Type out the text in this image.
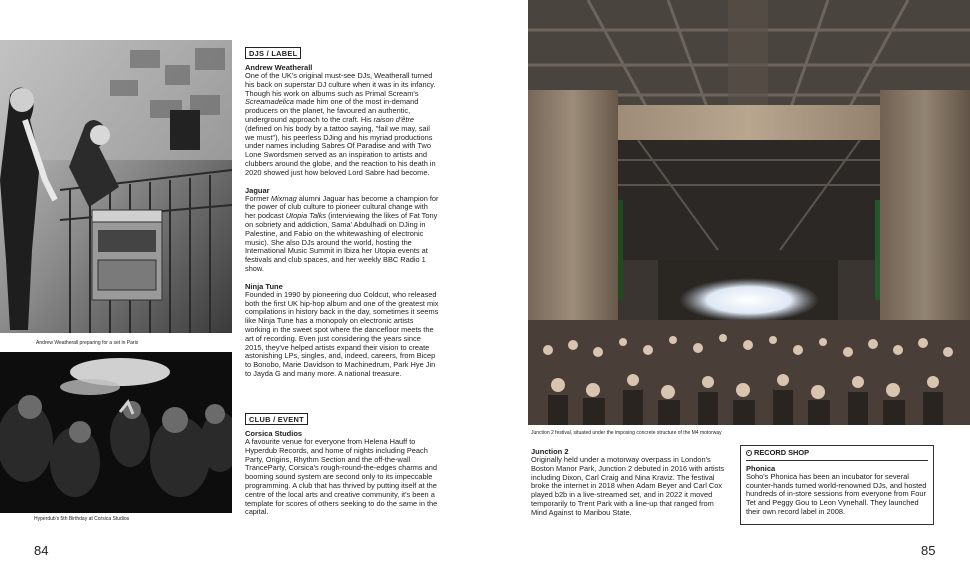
Andrew Weatherall preparing for a set in Paris
Hyperdub's 5th Birthday at Corsica Studios
DJS / LABEL
Andrew Weatherall
One of the UK's original must-see DJs, Weatherall turned his back on superstar DJ culture when it was in its infancy. Though his work on albums such as Primal Scream's Screamadelica made him one of the most in-demand producers on the planet, he favoured an authentic, underground approach to the craft. His raison d'être (defined on his body by a tattoo saying, "fail we may, sail we must"), his peerless DJing and his myriad productions under names including Sabres Of Paradise and with Two Lone Swordsmen served as an inspiration to artists and clubbers around the globe, and the reaction to his death in 2020 showed just how beloved Lord Sabre had become.
Jaguar
Former Mixmag alumni Jaguar has become a champion for the power of club culture to pioneer cultural change with her podcast Utopia Talks (interviewing the likes of Fat Tony on sobriety and addiction, Sama' Abdulhadi on DJing in Palestine, and Fabio on the whitewashing of electronic music). She also DJs around the world, hosting the International Music Summit in Ibiza her Utopia events at festivals and club spaces, and her weekly BBC Radio 1 show.
Ninja Tune
Founded in 1990 by pioneering duo Coldcut, who released both the first UK hip-hop album and one of the greatest mix compilations in history back in the day, sometimes it seems like Ninja Tune has a monopoly on electronic artists working in the sweet spot where the dancefloor meets the art of recording. Even just considering the years since 2015, they've helped artists expand their vision to create astonishing LPs, singles, and, indeed, careers, from Bicep to Bonobo, Marie Davidson to Machinedrum, Park Hye Jin to Jayda G and many more. A national treasure.
CLUB / EVENT
Corsica Studios
A favourite venue for everyone from Helena Hauff to Hyperdub Records, and home of nights including Peach Party, Origins, Rhythm Section and the off-the-wall TranceParty, Corsica's rough-round-the-edges charms and booming sound system are second only to its impeccable programming. A club that has thrived by putting itself at the centre of the local arts and creative community, it's been a template for scores of others seeking to do the same in the capital.
84
Junction 2 festival, situated under the imposing concrete structure of the M4 motorway
Junction 2
Originally held under a motorway overpass in London's Boston Manor Park, Junction 2 debuted in 2016 with artists including Dixon, Carl Craig and Nina Kraviz. The festival broke the internet in 2018 when Adam Beyer and Carl Cox played b2b in a live-streamed set, and in 2022 it moved temporarily to Trent Park with a line-up that ranged from Mind Against to Maribou State.
RECORD SHOP
Phonica
Soho's Phonica has been an incubator for several counter-hands turned world-renowned DJs, and hosted hundreds of in-store sessions from everyone from Four Tet and Peggy Gou to Leon Vynehall. They launched their own record label in 2008.
85
